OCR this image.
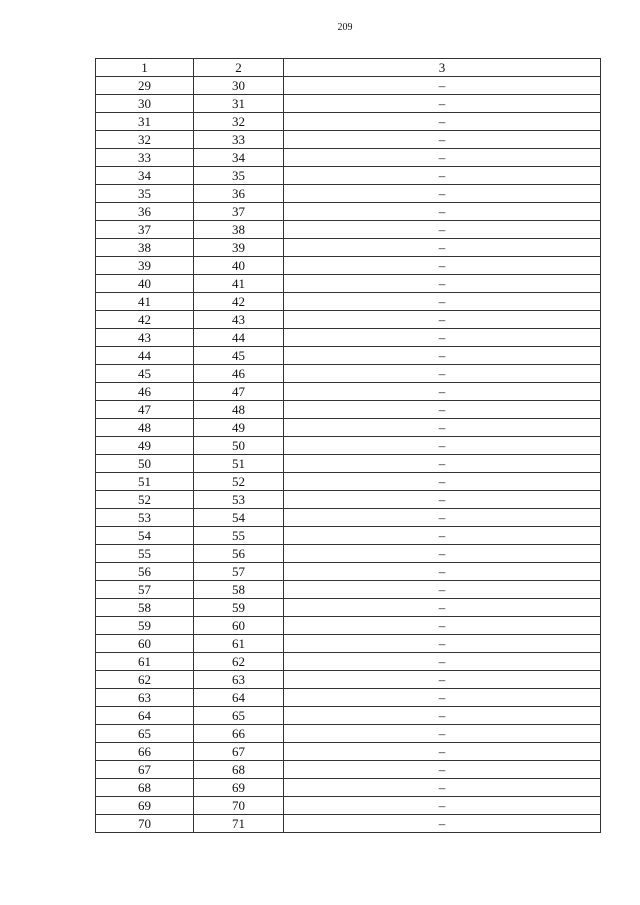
209
1	2	3
29	30	–
30	31	–
31	32	–
32	33	–
33	34	–
34	35	–
35	36	–
36	37	–
37	38	–
38	39	–
39	40	–
40	41	–
41	42	–
42	43	–
43	44	–
44	45	–
45	46	–
46	47	–
47	48	–
48	49	–
49	50	–
50	51	–
51	52	–
52	53	–
53	54	–
54	55	–
55	56	–
56	57	–
57	58	–
58	59	–
59	60	–
60	61	–
61	62	–
62	63	–
63	64	–
64	65	–
65	66	–
66	67	–
67	68	–
68	69	–
69	70	–
70	71	–
